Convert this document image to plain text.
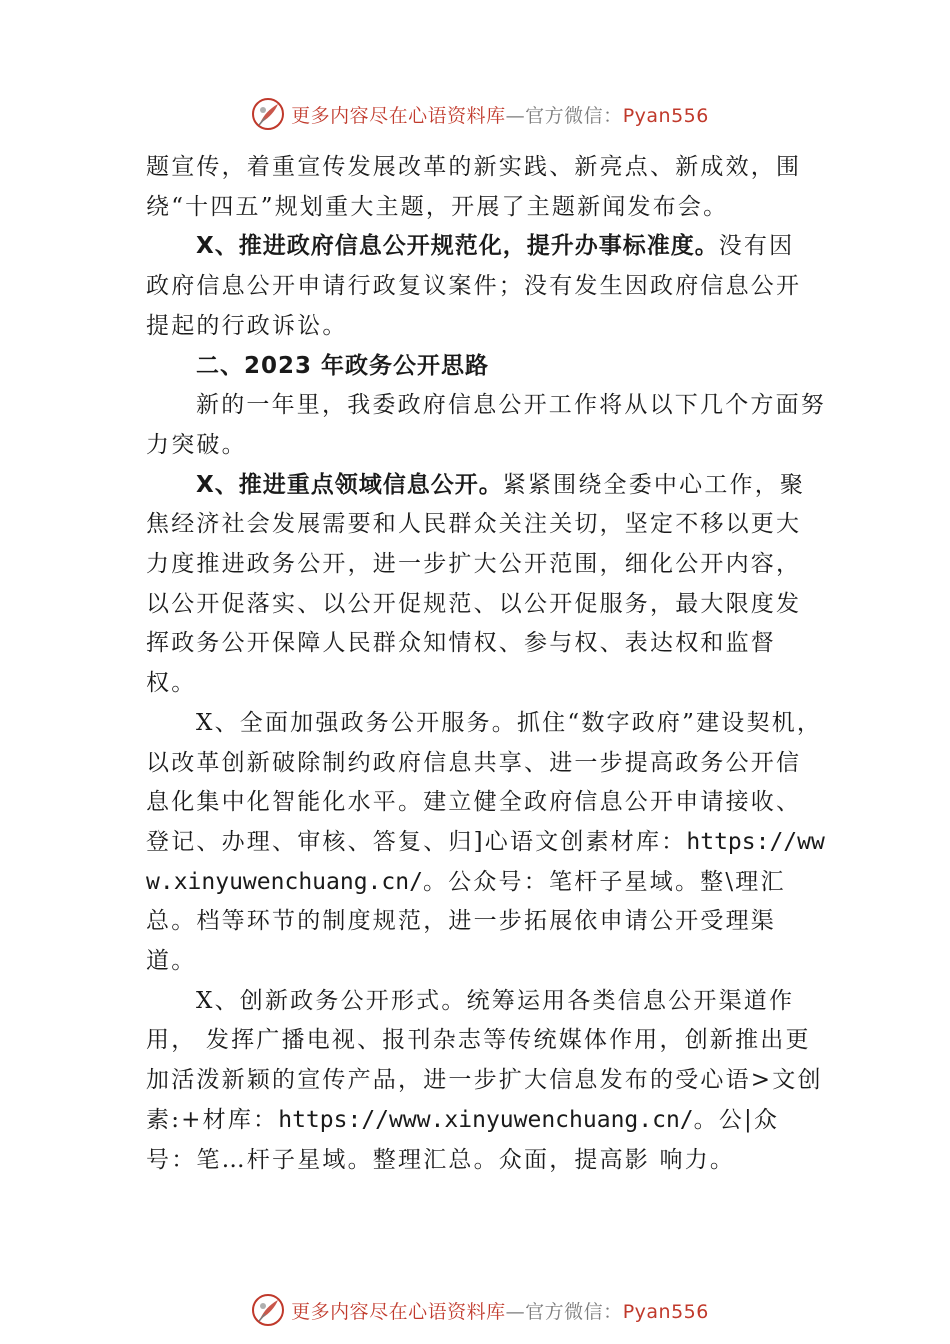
更多内容尽在心语资料库—官方微信：Pyan556

题宣传，着重宣传发展改革的新实践、新亮点、新成效，围绕“十四五”规划重大主题，开展了主题新闻发布会。

X、推进政府信息公开规范化，提升办事标准度。没有因 政府信息公开申请行政复议案件；没有发生因政府信息公开提起的行政诉讼。

二、2023 年政务公开思路

新的一年里，我委政府信息公开工作将从以下几个方面努力突破。

X、推进重点领域信息公开。紧紧围绕全委中心工作，聚焦经济社会发展需要和人民群众关注关切，坚定不移以更大力度推进政务公开，进一步扩大公开范围，细化公开内容， 以公开促落实、以公开促规范、以公开促服务，最大限度发挥政务公开保障人民群众知情权、参与权、表达权和监督权。

X、全面加强政务公开服务。抓住“数字政府”建设契机， 以改革创新破除制约政府信息共享、进一步提高政务公开信息化集中化智能化水平。建立健全政府信息公开申请接收、 登记、办理、审核、答复、归]心语文创素材库：https://www.xinyuwenchuang.cn/。公众号：笔杆子星域。整\理汇总。档等环节的制度规范，进一步拓展依申请公开受理渠道。

X、创新政务公开形式。统筹运用各类信息公开渠道作用， 发挥广播电视、报刊杂志等传统媒体作用，创新推出更加活泼新颖的宣传产品，进一步扩大信息发布的受心语>文创素:+材库：https://www.xinyuwenchuang.cn/。公|众号：笔…杆子星域。整理汇总。众面，提高影 响力。

更多内容尽在心语资料库—官方微信：Pyan556
